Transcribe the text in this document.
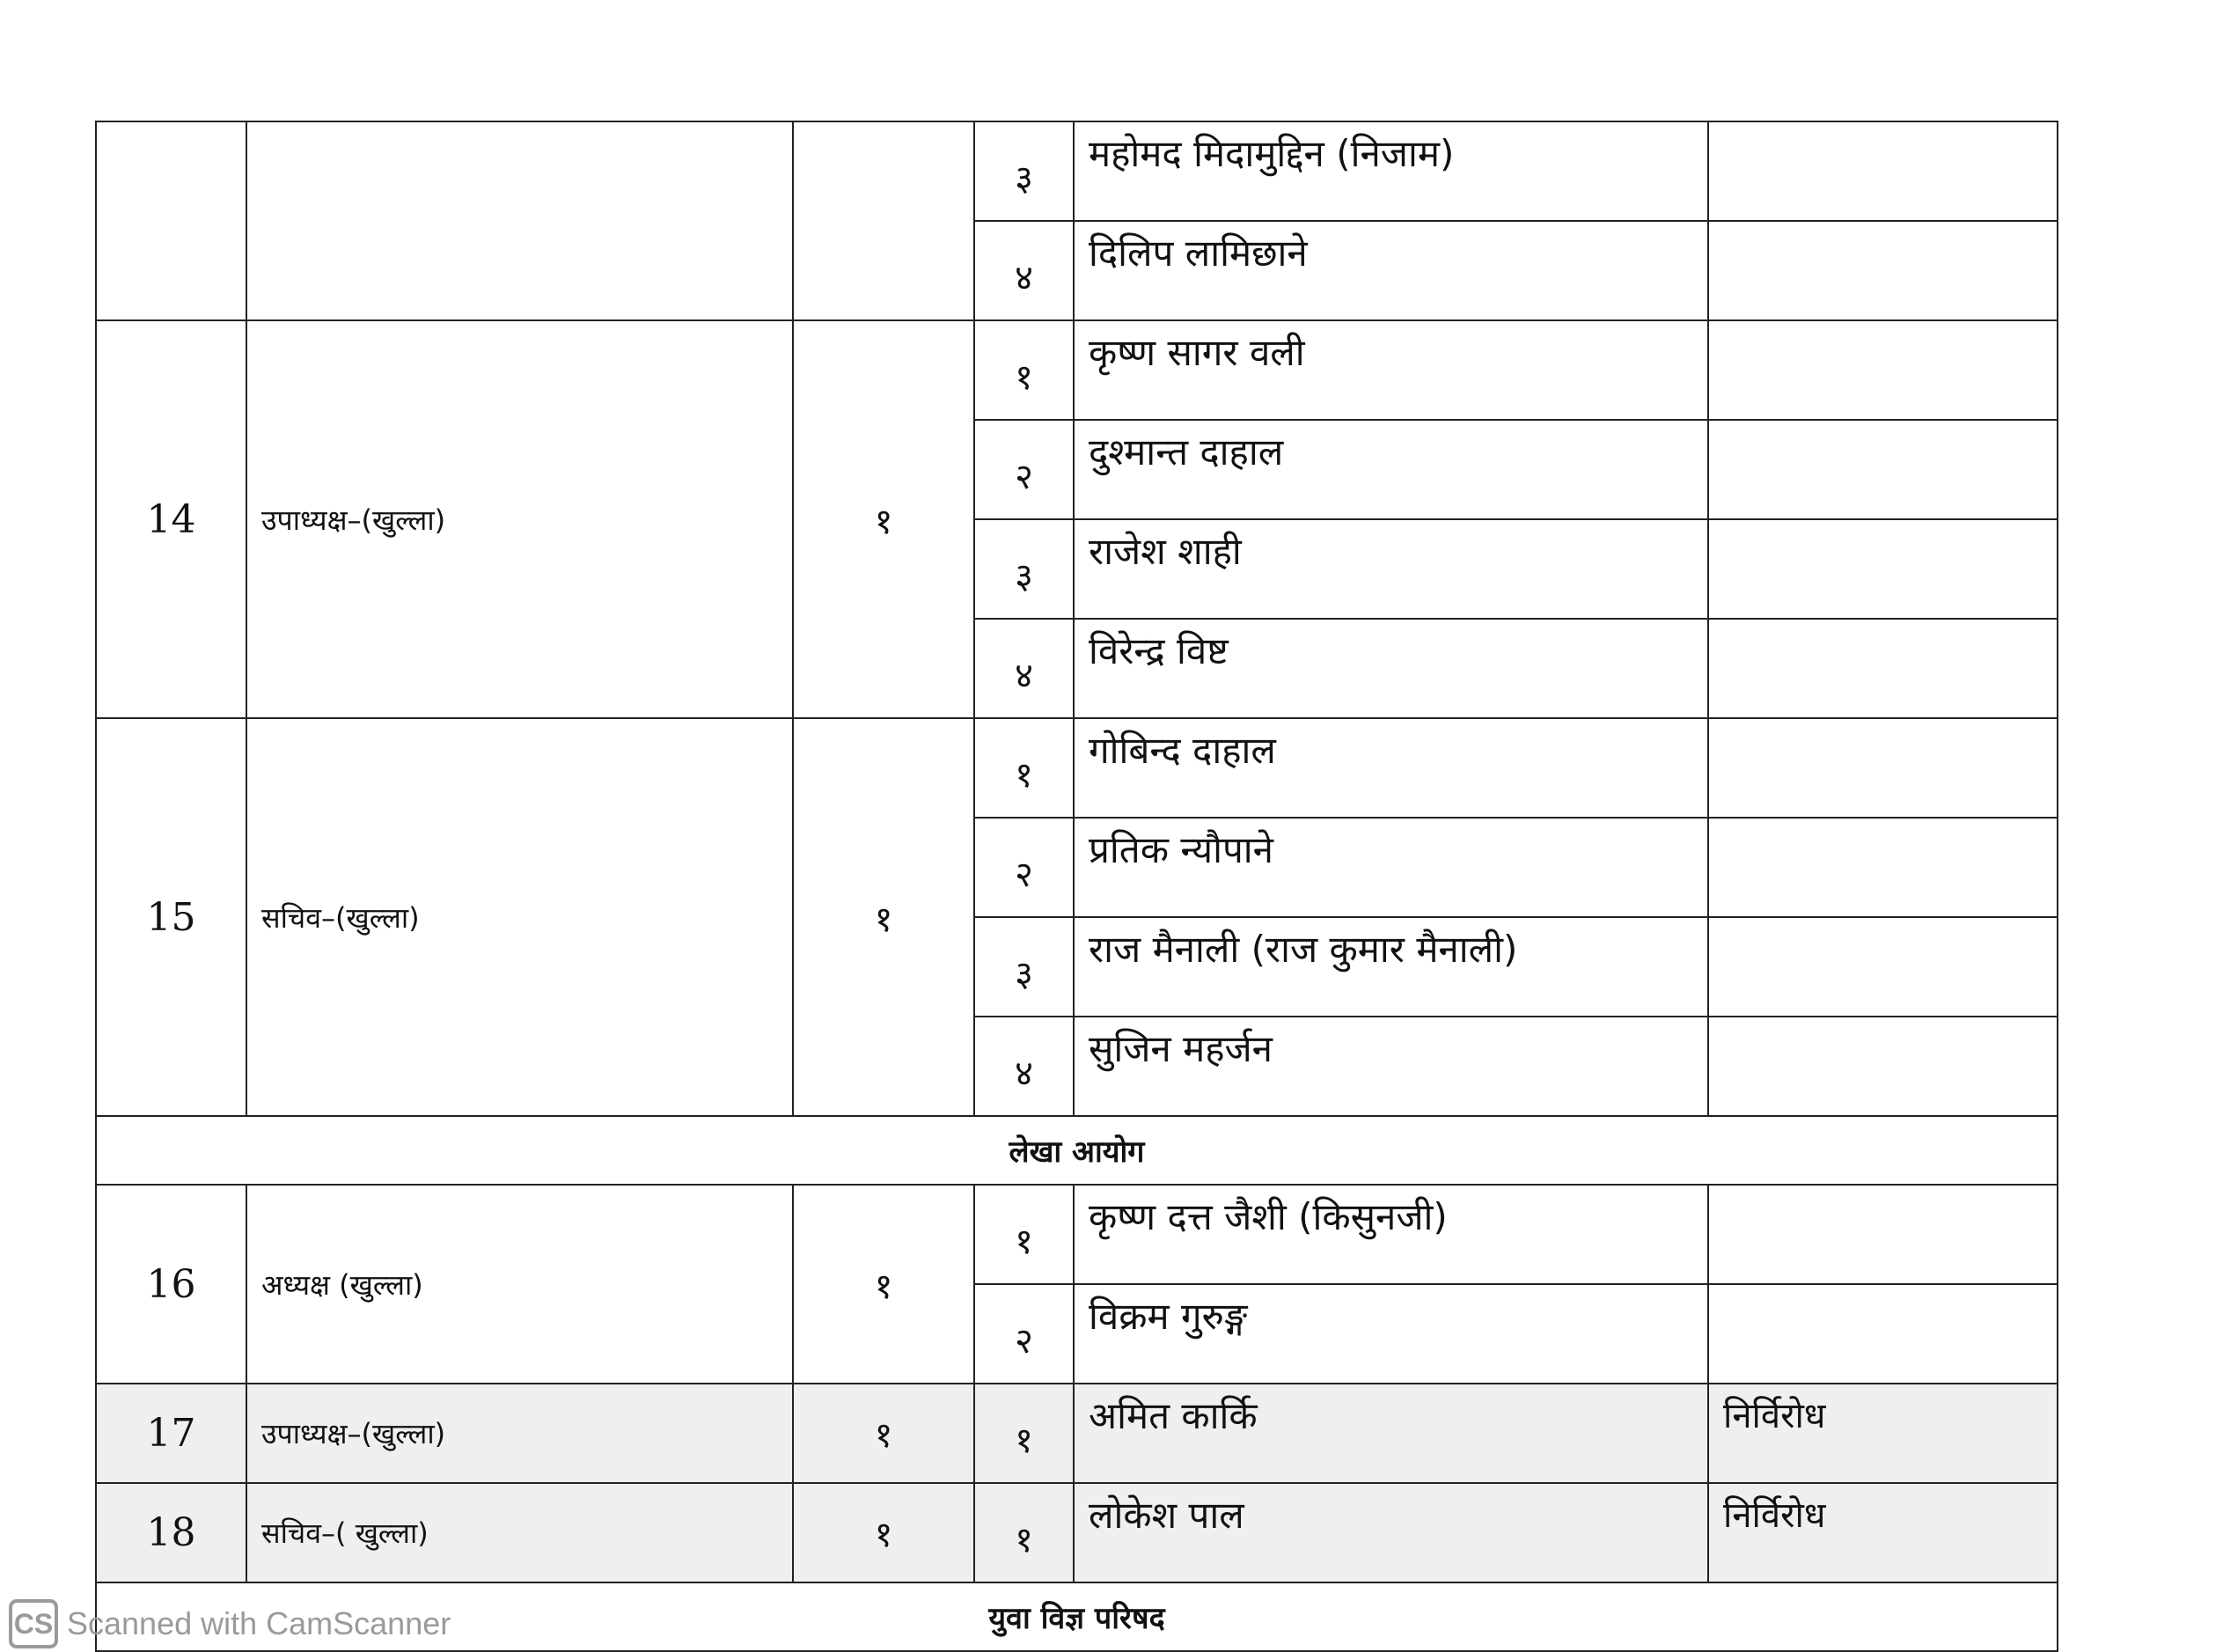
			३	महोमद मिदामुद्दिन (निजाम)	
			४	दिलिप लामिछाने	
14	उपाध्यक्ष–(खुल्ला)	१	१	कृष्ण सागर वली	
			२	दुश्मान्त दाहाल	
			३	राजेश शाही	
			४	विरेन्द्र विष्ट	
15	सचिव–(खुल्ला)	१	१	गोबिन्द दाहाल	
			२	प्रतिक न्यौपाने	
			३	राज मैनाली (राज कुमार मैनाली)	
			४	सुजिन महर्जन	
लेखा आयोग					
16	अध्यक्ष (खुल्ला)	१	१	कृष्ण दत्त जैशी (किसुनजी)	
			२	विक्रम गुरुङ्ग	
17	उपाध्यक्ष–(खुल्ला)	१	१	अमित कार्कि	निर्विरोध
18	सचिव–( खुल्ला)	१	१	लोकेश पाल	निर्विरोध
युवा विज्ञ परिषद					
CS Scanned with CamScanner
